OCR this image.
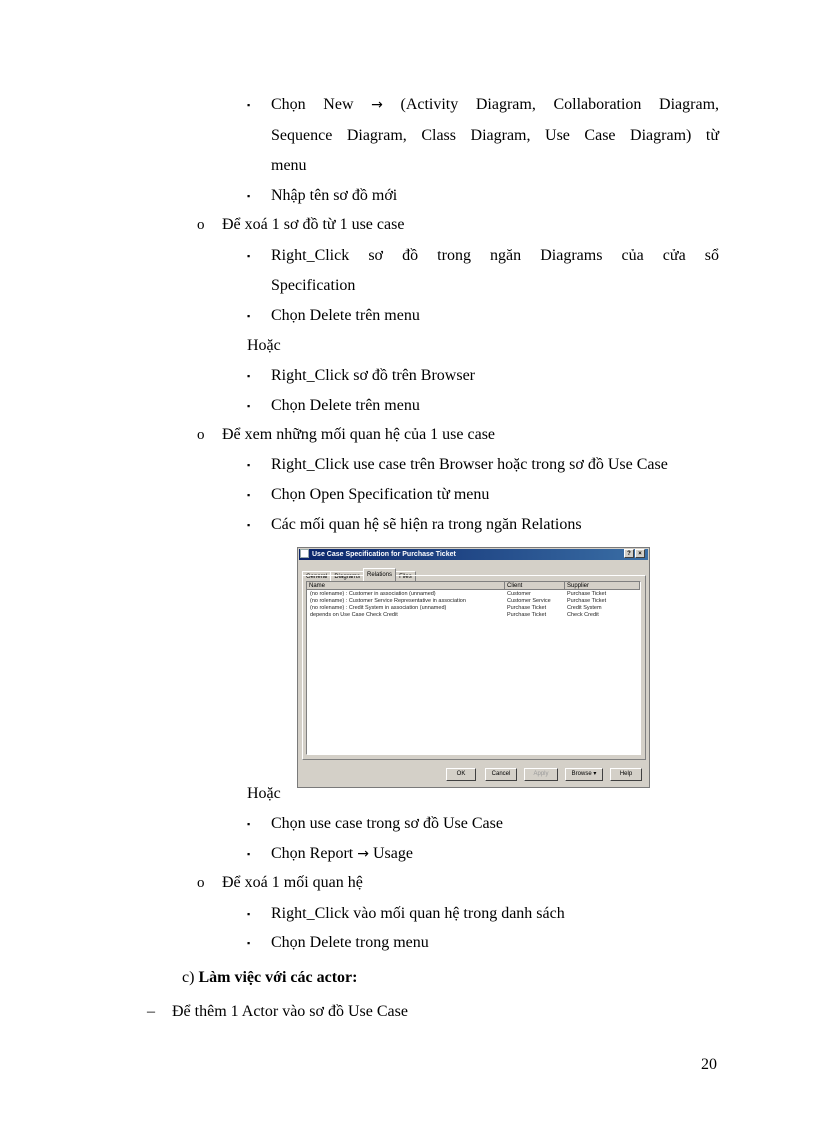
▪ Chọn New → (Activity Diagram, Collaboration Diagram,
Sequence Diagram, Class Diagram, Use Case Diagram) từ
menu
▪ Nhập tên sơ đồ mới
o Để xoá 1 sơ đồ từ 1 use case
▪ Right_Click sơ đồ trong ngăn Diagrams của cửa sổ
Specification
▪ Chọn Delete trên menu
Hoặc
▪ Right_Click sơ đồ trên Browser
▪ Chọn Delete trên menu
o Để xem những mối quan hệ của 1 use case
▪ Right_Click use case trên Browser hoặc trong sơ đồ Use Case
▪ Chọn Open Specification từ menu
▪ Các mối quan hệ sẽ hiện ra trong ngăn Relations
Use Case Specification for Purchase Ticket	?	×
General Diagrams Relations Files
Name	Client	Supplier
(no rolename) : Customer in association (unnamed)	Customer	Purchase Ticket
(no rolename) : Customer Service Representative in association	Customer Service	Purchase Ticket
(no rolename) : Credit System in association (unnamed)	Purchase Ticket	Credit System
depends on Use Case Check Credit	Purchase Ticket	Check Credit
OK	Cancel	Apply	Browse ▾	Help
Hoặc
▪ Chọn use case trong sơ đồ Use Case
▪ Chọn Report → Usage
o Để xoá 1 mối quan hệ
▪ Right_Click vào mối quan hệ trong danh sách
▪ Chọn Delete trong menu
c) Làm việc với các actor:
– Để thêm 1 Actor vào sơ đồ Use Case
20
